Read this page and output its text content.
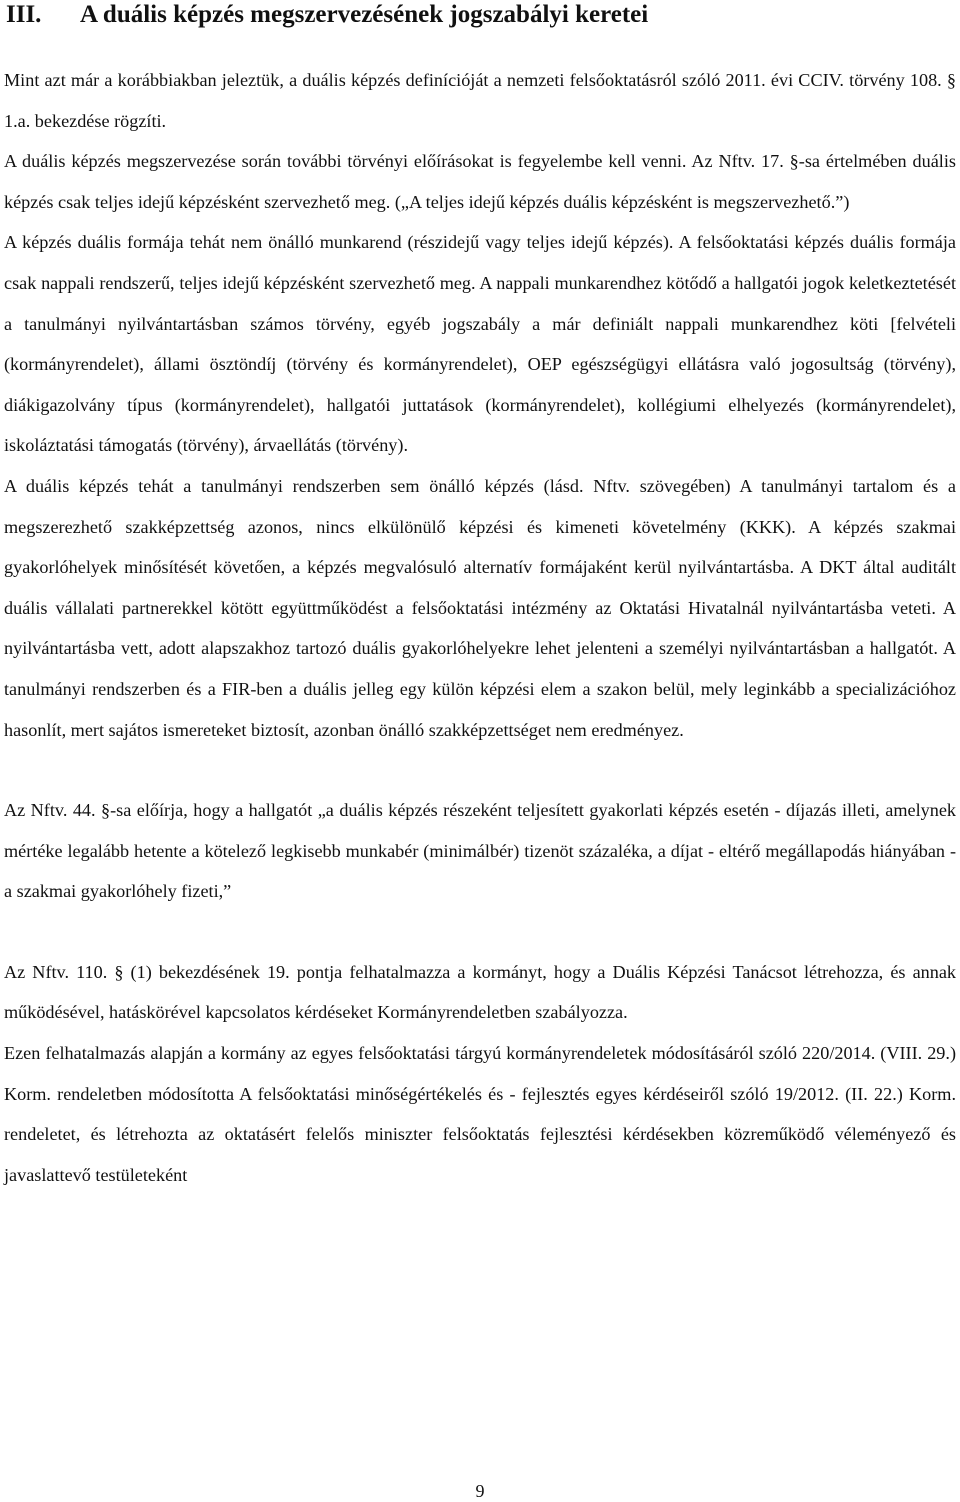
III. A duális képzés megszervezésének jogszabályi keretei

Mint azt már a korábbiakban jeleztük, a duális képzés definícióját a nemzeti felsőoktatásról szóló 2011. évi CCIV. törvény 108. § 1.a. bekezdése rögzíti.

A duális képzés megszervezése során további törvényi előírásokat is fegyelembe kell venni. Az Nftv. 17. §-sa értelmében duális képzés csak teljes idejű képzésként szervezhető meg. („A teljes idejű képzés duális képzésként is megszervezhető.”)

A képzés duális formája tehát nem önálló munkarend (részidejű vagy teljes idejű képzés). A felsőoktatási képzés duális formája csak nappali rendszerű, teljes idejű képzésként szervezhető meg. A nappali munkarendhez kötődő a hallgatói jogok keletkeztetését a tanulmányi nyilvántartásban számos törvény, egyéb jogszabály a már definiált nappali munkarendhez köti [felvételi (kormányrendelet), állami ösztöndíj (törvény és kormányrendelet), OEP egészségügyi ellátásra való jogosultság (törvény), diákigazolvány típus (kormányrendelet), hallgatói juttatások (kormányrendelet), kollégiumi elhelyezés (kormányrendelet), iskoláztatási támogatás (törvény), árvaellátás (törvény).

A duális képzés tehát a tanulmányi rendszerben sem önálló képzés (lásd. Nftv. szövegében) A tanulmányi tartalom és a megszerezhető szakképzettség azonos, nincs elkülönülő képzési és kimeneti követelmény (KKK). A képzés szakmai gyakorlóhelyek minősítését követően, a képzés megvalósuló alternatív formájaként kerül nyilvántartásba. A DKT által auditált duális vállalati partnerekkel kötött együttműködést a felsőoktatási intézmény az Oktatási Hivatalnál nyilvántartásba veteti. A nyilvántartásba vett, adott alapszakhoz tartozó duális gyakorlóhelyekre lehet jelenteni a személyi nyilvántartásban a hallgatót. A tanulmányi rendszerben és a FIR-ben a duális jelleg egy külön képzési elem a szakon belül, mely leginkább a specializációhoz hasonlít, mert sajátos ismereteket biztosít, azonban önálló szakképzettséget nem eredményez.

Az Nftv. 44. §-sa előírja, hogy a hallgatót „a duális képzés részeként teljesített gyakorlati képzés esetén - díjazás illeti, amelynek mértéke legalább hetente a kötelező legkisebb munkabér (minimálbér) tizenöt százaléka, a díjat - eltérő megállapodás hiányában - a szakmai gyakorlóhely fizeti,”

Az Nftv. 110. § (1) bekezdésének 19. pontja felhatalmazza a kormányt, hogy a Duális Képzési Tanácsot létrehozza, és annak működésével, hatáskörével kapcsolatos kérdéseket Kormányrendeletben szabályozza.

Ezen felhatalmazás alapján a kormány az egyes felsőoktatási tárgyú kormányrendeletek módosításáról szóló 220/2014. (VIII. 29.) Korm. rendeletben módosította A felsőoktatási minőségértékelés és - fejlesztés egyes kérdéseiről szóló 19/2012. (II. 22.) Korm. rendeletet, és létrehozta az oktatásért felelős miniszter felsőoktatás fejlesztési kérdésekben közreműködő véleményező és javaslattevő testületeként

9
